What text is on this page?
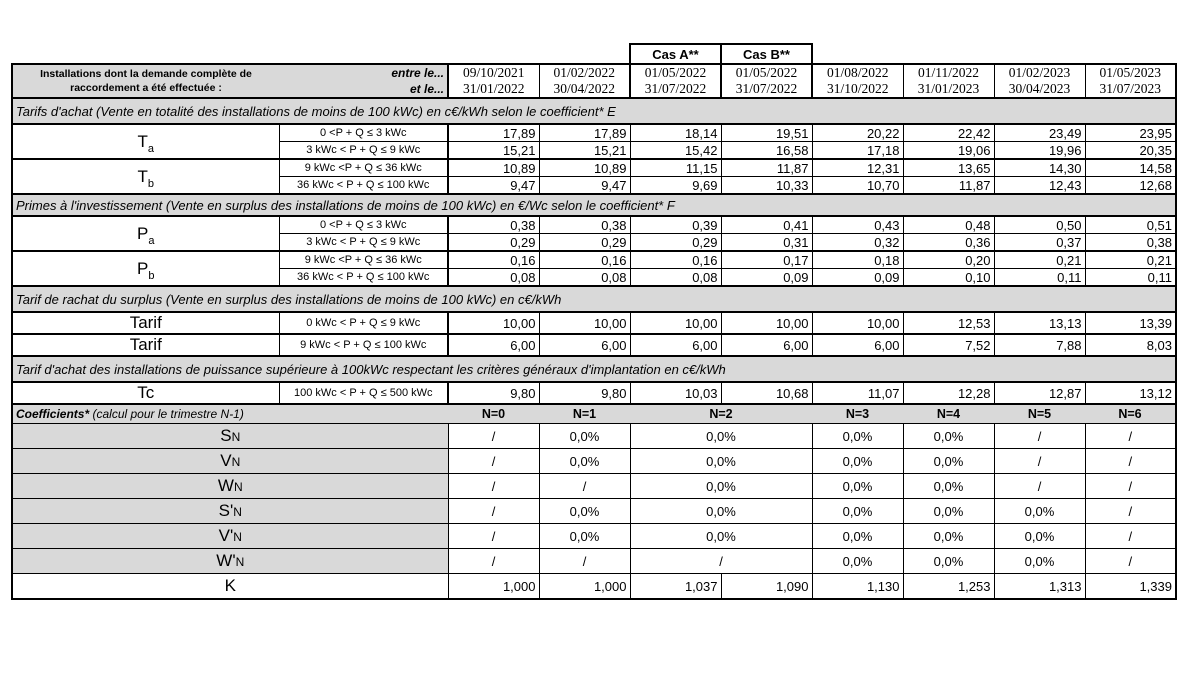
				Cas A**	Cas B**				
Installations dont la demande complète de
raccordement a été effectuée :	entre le...	09/10/2021	01/02/2022	01/05/2022	01/05/2022	01/08/2022	01/11/2022	01/02/2023	01/05/2023
	et le...	31/01/2022	30/04/2022	31/07/2022	31/07/2022	31/10/2022	31/01/2023	30/04/2023	31/07/2023
Tarifs d'achat (Vente en totalité des installations de moins de 100 kWc) en c€/kWh selon le coefficient* E									
$T_a$	0 <P + Q ≤ 3 kWc	17,89	17,89	18,14	19,51	20,22	22,42	23,49	23,95
	3 kWc < P + Q ≤ 9 kWc	15,21	15,21	15,42	16,58	17,18	19,06	19,96	20,35
$T_b$	9 kWc <P + Q ≤ 36 kWc	10,89	10,89	11,15	11,87	12,31	13,65	14,30	14,58
	36 kWc < P + Q ≤ 100 kWc	9,47	9,47	9,69	10,33	10,70	11,87	12,43	12,68
Primes à l'investissement (Vente en surplus des installations de moins de 100 kWc) en €/Wc selon le coefficient* F									
$P_a$	0 <P + Q ≤ 3 kWc	0,38	0,38	0,39	0,41	0,43	0,48	0,50	0,51
	3 kWc < P + Q ≤ 9 kWc	0,29	0,29	0,29	0,31	0,32	0,36	0,37	0,38
$P_b$	9 kWc <P + Q ≤ 36 kWc	0,16	0,16	0,16	0,17	0,18	0,20	0,21	0,21
	36 kWc < P + Q ≤ 100 kWc	0,08	0,08	0,08	0,09	0,09	0,10	0,11	0,11
Tarif de rachat du surplus (Vente en surplus des installations de moins de 100 kWc) en c€/kWh									
Tarif	0 kWc < P + Q ≤ 9 kWc	10,00	10,00	10,00	10,00	10,00	12,53	13,13	13,39
Tarif	9 kWc < P + Q ≤ 100 kWc	6,00	6,00	6,00	6,00	6,00	7,52	7,88	8,03
Tarif d'achat des installations de puissance supérieure à 100kWc respectant les critères généraux d'implantation en c€/kWh									
Tc	100 kWc < P + Q ≤ 500 kWc	9,80	9,80	10,03	10,68	11,07	12,28	12,87	13,12
Coefficients* (calcul pour le trimestre N-1)		N=0	N=1	N=2		N=3	N=4	N=5	N=6
SN		/	0,0%	0,0%		0,0%	0,0%	/	/
VN		/	0,0%	0,0%		0,0%	0,0%	/	/
WN		/	/	0,0%		0,0%	0,0%	/	/
S'N		/	0,0%	0,0%		0,0%	0,0%	0,0%	/
V'N		/	0,0%	0,0%		0,0%	0,0%	0,0%	/
W'N		/	/	/		0,0%	0,0%	0,0%	/
K		1,000	1,000	1,037	1,090	1,130	1,253	1,313	1,339
